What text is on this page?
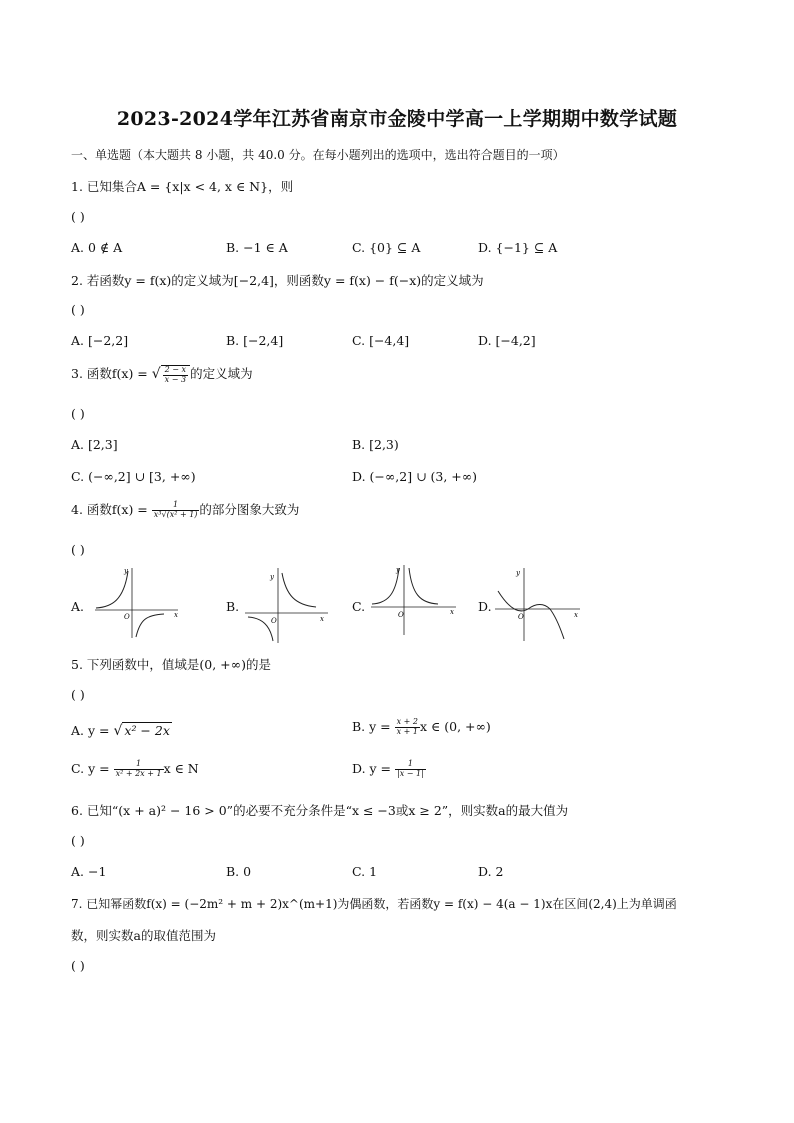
2023-2024学年江苏省南京市金陵中学高一上学期期中数学试题
一、单选题（本大题共 8 小题，共 40.0 分。在每小题列出的选项中，选出符合题目的一项）
1. 已知集合A = {x|x < 4, x ∈ N}，则
( )
A. 0 ∉ A	B. −1 ∈ A	C. {0} ⊆ A	D. {−1} ⊆ A
2. 若函数y = f(x)的定义域为[−2,4]，则函数y = f(x) − f(−x)的定义域为
( )
A. [−2,2]	B. [−2,4]	C. [−4,4]	D. [−4,2]
3. 函数f(x) = √ $\frac{2 - x}{x - 3}$ 的定义域为
( )
A. [2,3]	B. [2,3)
C. (−∞,2] ∪ [3, +∞)	D. (−∞,2] ∪ (3, +∞)
4. 函数$f(x) = \frac{1}{\text{x³√(x² + 1)}}$ 的部分图象大致为
( )
A.
y
x
O
B.
y
x
O
C.
y
x
O
D.
y
x
O
5. 下列函数中，值域是(0, +∞)的是
( )
A. y = √ x² − 2x	B. $y = \frac{x + 2}{x + 1}$ x ∈ (0, +∞)
C. $y = \frac{1}{\text{x² + 2x + 1}}$ x ∈ N	D. $y = \frac{1}{|x - 1|}$
6. 已知“(x + a)² − 16 > 0”的必要不充分条件是“x ≤ −3或x ≥ 2”，则实数a的最大值为
( )
A. −1	B. 0	C. 1	D. 2
7. 已知幂函数f(x) = (−2m² + m + 2)x^(m+1)为偶函数，若函数y = f(x) − 4(a − 1)x在区间(2,4)上为单调函
数，则实数a的取值范围为
( )
